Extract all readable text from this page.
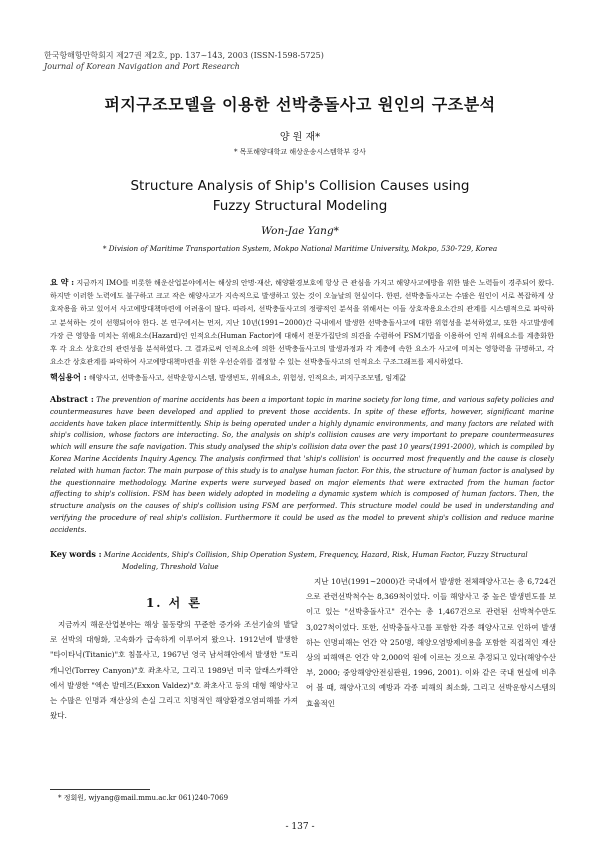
한국항해항만학회지 제27권 제2호, pp. 137~143, 2003 (ISSN-1598-5725)
Journal of Korean Navigation and Port Research
퍼지구조모델을 이용한 선박충돌사고 원인의 구조분석
양 원 재*
* 목포해양대학교 해상운송시스템학부 강사
Structure Analysis of Ship's Collision Causes using
Fuzzy Structural Modeling
Won-Jae Yang*
* Division of Maritime Transportation System, Mokpo National Maritime University, Mokpo, 530-729, Korea
요 약 : 지금까지 IMO를 비롯한 해운산업분야에서는 해상의 안명·재산, 해양환경보호에 항상 큰 관심을 가지고 해양사고예방을 위한 많은 노력들이 경주되어 왔다. 하지만 이러한 노력에도 불구하고 크고 작은 해양사고가 지속적으로 발생하고 있는 것이 오늘날의 현실이다. 한편, 선박충돌사고는 수많은 원인이 서로 복잡하게 상호작용을 하고 있어서 사고예방대책마련에 어려움이 많다. 따라서, 선박충돌사고의 정량적인 분석을 위해서는 이들 상호작용요소간의 관계를 시스템적으로 파악하고 분석하는 것이 선행되어야 한다. 본 연구에서는 먼저, 지난 10년(1991~2000)간 국내에서 발생한 선박충돌사고에 대한 위험성을 분석하였고, 또한 사고발생에 가장 큰 영향을 미치는 위해요소(Hazard)인 인적요소(Human Factor)에 대해서 전문가집단의 의견을 수렴하여 FSM기법을 이용하여 인적 위해요소를 계층화한 후 각 요소 상호간의 관련성을 분석하였다. 그 결과로써 인적요소에 의한 선박충돌사고의 발생과정과 각 계층에 속한 요소가 사고에 미치는 영향력을 규명하고, 각 요소간 상호관계를 파악하여 사고예방대책마련을 위한 우선순위를 결정할 수 있는 선박충돌사고의 인적요소 구조그래프를 제시하였다.
핵심용어 : 해양사고, 선박충돌사고, 선박운항시스템, 발생빈도, 위해요소, 위험성, 인적요소, 퍼지구조모델, 임계값
Abstract : The prevention of marine accidents has been a important topic in marine society for long time, and various safety policies and countermeasures have been developed and applied to prevent those accidents. In spite of these efforts, however, significant marine accidents have taken place intermittently. Ship is being operated under a highly dynamic environments, and many factors are related with ship's collision, whose factors are interacting. So, the analysis on ship's collision causes are very important to prepare countermeasures which will ensure the safe navigation. This study analysed the ship's collision data over the past 10 years(1991-2000), which is compiled by Korea Marine Accidents Inquiry Agency. The analysis confirmed that 'ship's collision' is occurred most frequently and the cause is closely related with human factor. The main purpose of this study is to analyse human factor. For this, the structure of human factor is analysed by the questionnaire methodology. Marine experts were surveyed based on major elements that were extracted from the human factor affecting to ship's collision. FSM has been widely adopted in modeling a dynamic system which is composed of human factors. Then, the structure analysis on the causes of ship's collision using FSM are performed. This structure model could be used in understanding and verifying the procedure of real ship's collision. Furthermore it could be used as the model to prevent ship's collision and reduce marine accidents.
Key words : Marine Accidents, Ship's Collision, Ship Operation System, Frequency, Hazard, Risk, Human Factor, Fuzzy Structural
Modeling, Threshold Value
1. 서 론
지금까지 해운산업분야는 해상 물동량의 꾸준한 증가와 조선기술의 발달로 선박의 대형화, 고속화가 급속하게 이루어져 왔으나. 1912년에 발생한 "타이타닉(Titanic)"호 침몰사고, 1967년 영국 남서해안에서 발생한 "토리 캐니언(Torrey Canyon)"호 좌초사고, 그리고 1989년 미국 알래스카해안에서 발생한 "엑손 발데즈(Exxon Valdez)"호 좌초사고 등의 대형 해양사고는 수많은 인명과 재산상의 손실 그리고 치명적인 해양환경오염피해를 가져왔다.
지난 10년(1991~2000)간 국내에서 발생한 전체해양사고는 총 6,724건으로 관련선박척수는 8,369척이었다. 이들 해양사고 중 높은 발생빈도를 보이고 있는 "선박충돌사고" 건수는 총 1,467건으로 관련된 선박척수만도 3,027척이었다. 또한, 선박충돌사고를 포함한 각종 해양사고로 인하여 발생하는 인명피해는 연간 약 250명, 해양오염방제비용을 포함한 직접적인 재산상의 피해액은 연간 약 2,000억 원에 이르는 것으로 추정되고 있다(해양수산부, 2000; 중앙해양안전심판원, 1996, 2001). 이와 같은 국내 현실에 비추어 볼 때, 해양사고의 예방과 각종 피해의 최소화, 그리고 선박운항시스템의 효율적인
* 정회원, wjyang@mail.mmu.ac.kr 061)240-7069
- 137 -
